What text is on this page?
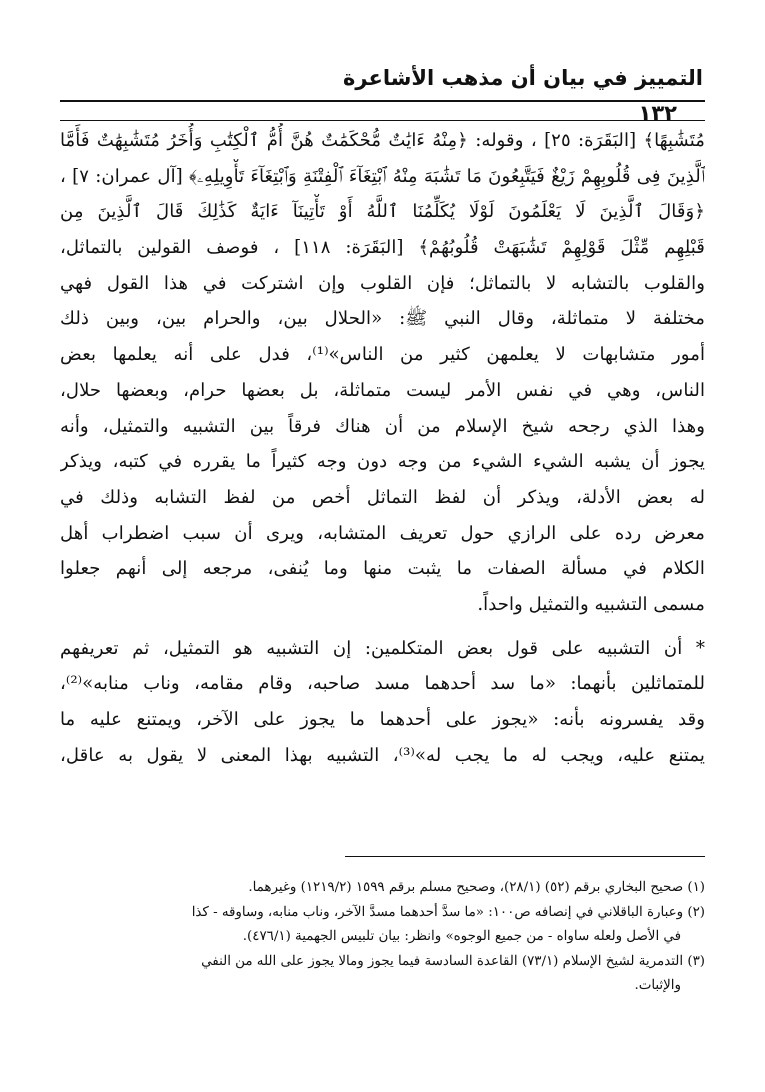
التمييز في بيان أن مذهب الأشاعرة
١٣٢
مُتَشَٰبِهًا﴾ [البَقَرَة: ٢٥] ، وقوله: ﴿مِنْهُ ءَايَٰتٌ مُّحْكَمَٰتٌ هُنَّ أُمُّ ٱلْكِتَٰبِ وَأُخَرُ مُتَشَٰبِهَٰتٌ فَأَمَّا
ٱلَّذِينَ فِى قُلُوبِهِمْ زَيْغٌ فَيَتَّبِعُونَ مَا تَشَٰبَهَ مِنْهُ ٱبْتِغَآءَ ٱلْفِتْنَةِ وَٱبْتِغَآءَ تَأْوِيلِهِۦ﴾ [آل عمران: ٧] ،
﴿وَقَالَ ٱلَّذِينَ لَا يَعْلَمُونَ لَوْلَا يُكَلِّمُنَا ٱللَّهُ أَوْ تَأْتِينَآ ءَايَةٌ كَذَٰلِكَ قَالَ ٱلَّذِينَ مِن
قَبْلِهِم مِّثْلَ قَوْلِهِمْ تَشَٰبَهَتْ قُلُوبُهُمْ﴾ [البَقَرَة: ١١٨] ، فوصف القولين بالتماثل،
والقلوب بالتشابه لا بالتماثل؛ فإن القلوب وإن اشتركت في هذا القول فهي
مختلفة لا متماثلة، وقال النبي ﷺ: «الحلال بين، والحرام بين، وبين ذلك
أمور متشابهات لا يعلمهن كثير من الناس»⁽¹⁾، فدل على أنه يعلمها بعض
الناس، وهي في نفس الأمر ليست متماثلة، بل بعضها حرام، وبعضها حلال،
وهذا الذي رجحه شيخ الإسلام من أن هناك فرقاً بين التشبيه والتمثيل، وأنه
يجوز أن يشبه الشيء الشيء من وجه دون وجه كثيراً ما يقرره في كتبه، ويذكر
له بعض الأدلة، ويذكر أن لفظ التماثل أخص من لفظ التشابه وذلك في
معرض رده على الرازي حول تعريف المتشابه، ويرى أن سبب اضطراب أهل
الكلام في مسألة الصفات ما يثبت منها وما يُنفى، مرجعه إلى أنهم جعلوا
مسمى التشبيه والتمثيل واحداً.
* أن التشبيه على قول بعض المتكلمين: إن التشبيه هو التمثيل، ثم تعريفهم
للمتماثلين بأنهما: «ما سد أحدهما مسد صاحبه، وقام مقامه، وناب منابه»⁽²⁾،
وقد يفسرونه بأنه: «يجوز على أحدهما ما يجوز على الآخر، ويمتنع عليه ما
يمتنع عليه، ويجب له ما يجب له»⁽³⁾، التشبيه بهذا المعنى لا يقول به عاقل،
(١) صحيح البخاري برقم (٥٢) (٢٨/١)، وصحيح مسلم برقم ١٥٩٩ (١٢١٩/٢) وغيرهما.
(٢) وعبارة الباقلاني في إنصافه ص١٠٠: «ما سدَّ أحدهما مسدَّ الآخر، وناب منابه، وساوقه - كذا
في الأصل ولعله ساواه - من جميع الوجوه» وانظر: بيان تلبيس الجهمية (٤٧٦/١).
(٣) التدمرية لشيخ الإسلام (٧٣/١) القاعدة السادسة فيما يجوز ومالا يجوز على الله من النفي
والإثبات.
